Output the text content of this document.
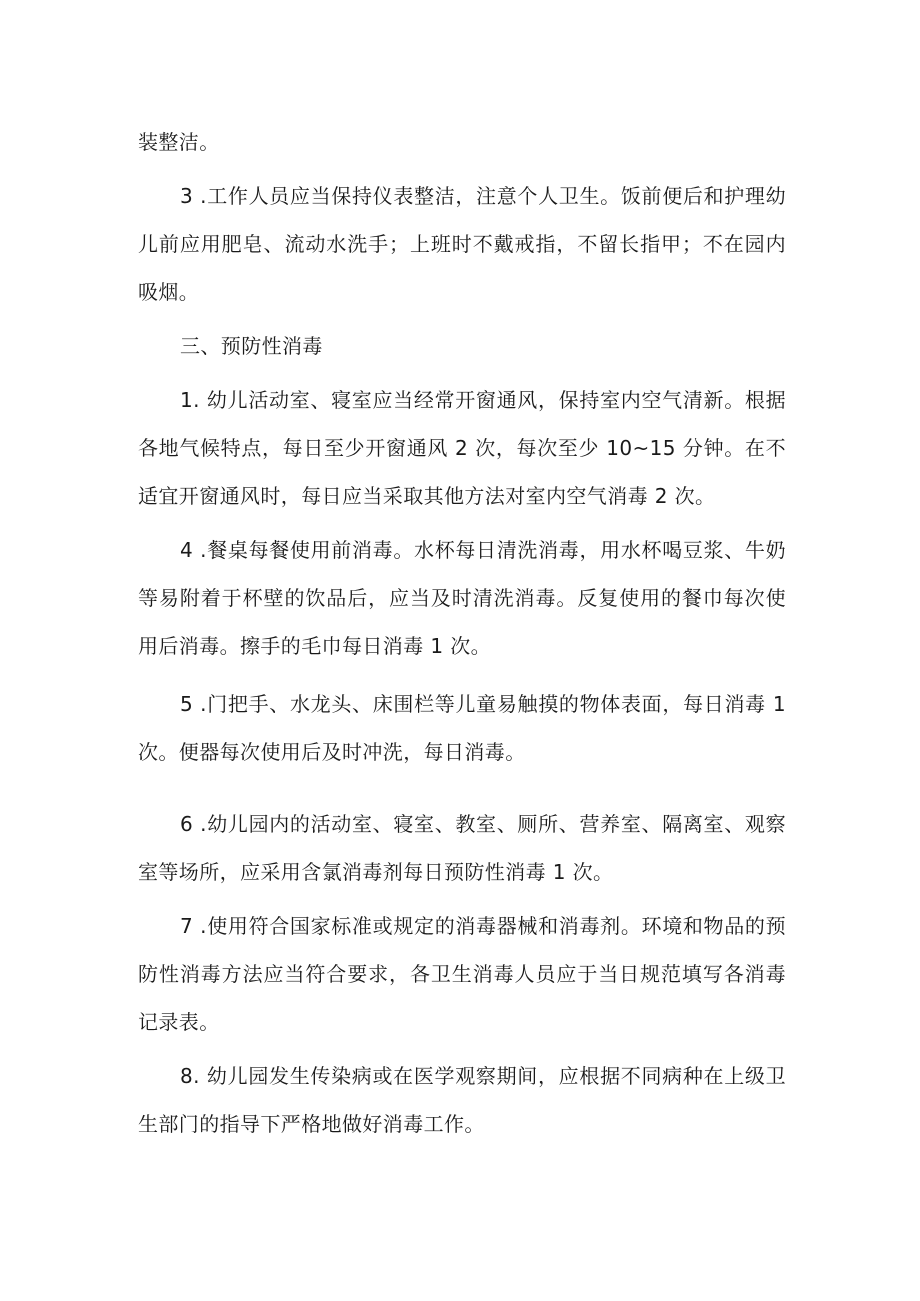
装整洁。

3 .工作人员应当保持仪表整洁，注意个人卫生。饭前便后和护理幼儿前应用肥皂、流动水洗手；上班时不戴戒指，不留长指甲；不在园内吸烟。

三、预防性消毒

1. 幼儿活动室、寝室应当经常开窗通风，保持室内空气清新。根据各地气候特点，每日至少开窗通风 2 次，每次至少 10~15 分钟。在不适宜开窗通风时，每日应当采取其他方法对室内空气消毒 2 次。

4 .餐桌每餐使用前消毒。水杯每日清洗消毒，用水杯喝豆浆、牛奶等易附着于杯壁的饮品后，应当及时清洗消毒。反复使用的餐巾每次使用后消毒。擦手的毛巾每日消毒 1 次。

5 .门把手、水龙头、床围栏等儿童易触摸的物体表面，每日消毒 1 次。便器每次使用后及时冲洗，每日消毒。

6 .幼儿园内的活动室、寝室、教室、厕所、营养室、隔离室、观察室等场所，应采用含氯消毒剂每日预防性消毒 1 次。

7 .使用符合国家标准或规定的消毒器械和消毒剂。环境和物品的预防性消毒方法应当符合要求，各卫生消毒人员应于当日规范填写各消毒记录表。

8. 幼儿园发生传染病或在医学观察期间，应根据不同病种在上级卫生部门的指导下严格地做好消毒工作。
